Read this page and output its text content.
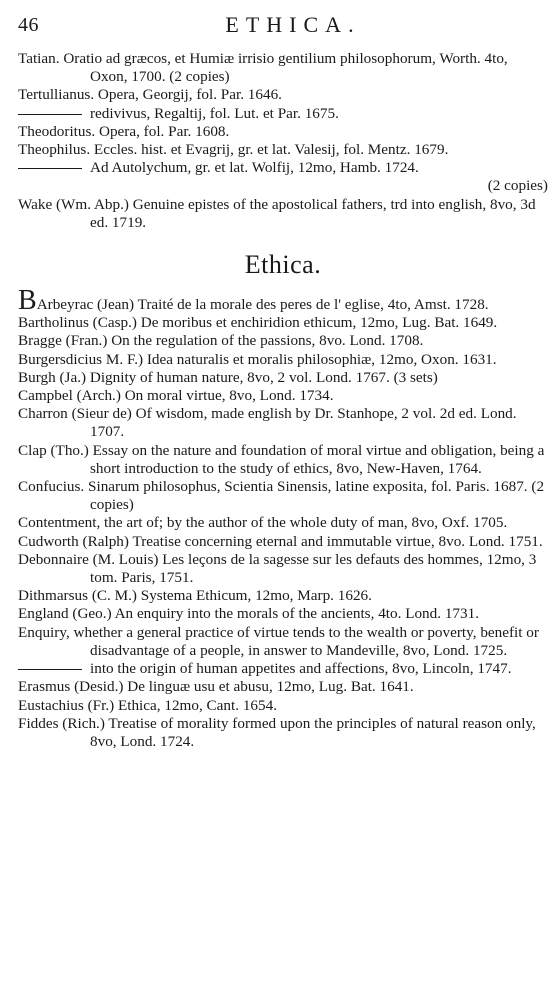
46	ETHICA.

Tatian. Oratio ad græcos, et Humiæ irrisio gentilium philosophorum, Worth. 4to, Oxon, 1700. (2 copies)

Tertullianus. Opera, Georgij, fol. Par. 1646.

redivivus, Regaltij, fol. Lut. et Par. 1675.

Theodoritus. Opera, fol. Par. 1608.

Theophilus. Eccles. hist. et Evagrij, gr. et lat. Valesij, fol. Mentz. 1679.

Ad Autolychum, gr. et lat. Wolfij, 12mo, Hamb. 1724.
(2 copies)

Wake (Wm. Abp.) Genuine epistes of the apostolical fathers, trd into english, 8vo, 3d ed. 1719.

Ethica.

BArbeyrac (Jean) Traité de la morale des peres de l' eglise, 4to, Amst. 1728.

Bartholinus (Casp.) De moribus et enchiridion ethicum, 12mo, Lug. Bat. 1649.

Bragge (Fran.) On the regulation of the passions, 8vo. Lond. 1708.

Burgersdicius M. F.) Idea naturalis et moralis philosophiæ, 12mo, Oxon. 1631.

Burgh (Ja.) Dignity of human nature, 8vo, 2 vol. Lond. 1767. (3 sets)

Campbel (Arch.) On moral virtue, 8vo, Lond. 1734.

Charron (Sieur de) Of wisdom, made english by Dr. Stanhope, 2 vol. 2d ed. Lond. 1707.

Clap (Tho.) Essay on the nature and foundation of moral virtue and obligation, being a short introduction to the study of ethics, 8vo, New-Haven, 1764.

Confucius. Sinarum philosophus, Scientia Sinensis, latine exposita, fol. Paris. 1687. (2 copies)

Contentment, the art of; by the author of the whole duty of man, 8vo, Oxf. 1705.

Cudworth (Ralph) Treatise concerning eternal and immutable virtue, 8vo. Lond. 1751.

Debonnaire (M. Louis) Les leçons de la sagesse sur les defauts des hommes, 12mo, 3 tom. Paris, 1751.

Dithmarsus (C. M.) Systema Ethicum, 12mo, Marp. 1626.

England (Geo.) An enquiry into the morals of the ancients, 4to. Lond. 1731.

Enquiry, whether a general practice of virtue tends to the wealth or poverty, benefit or disadvantage of a people, in answer to Mandeville, 8vo, Lond. 1725.

into the origin of human appetites and affections, 8vo, Lincoln, 1747.

Erasmus (Desid.) De linguæ usu et abusu, 12mo, Lug. Bat. 1641.

Eustachius (Fr.) Ethica, 12mo, Cant. 1654.

Fiddes (Rich.) Treatise of morality formed upon the principles of natural reason only, 8vo, Lond. 1724.
